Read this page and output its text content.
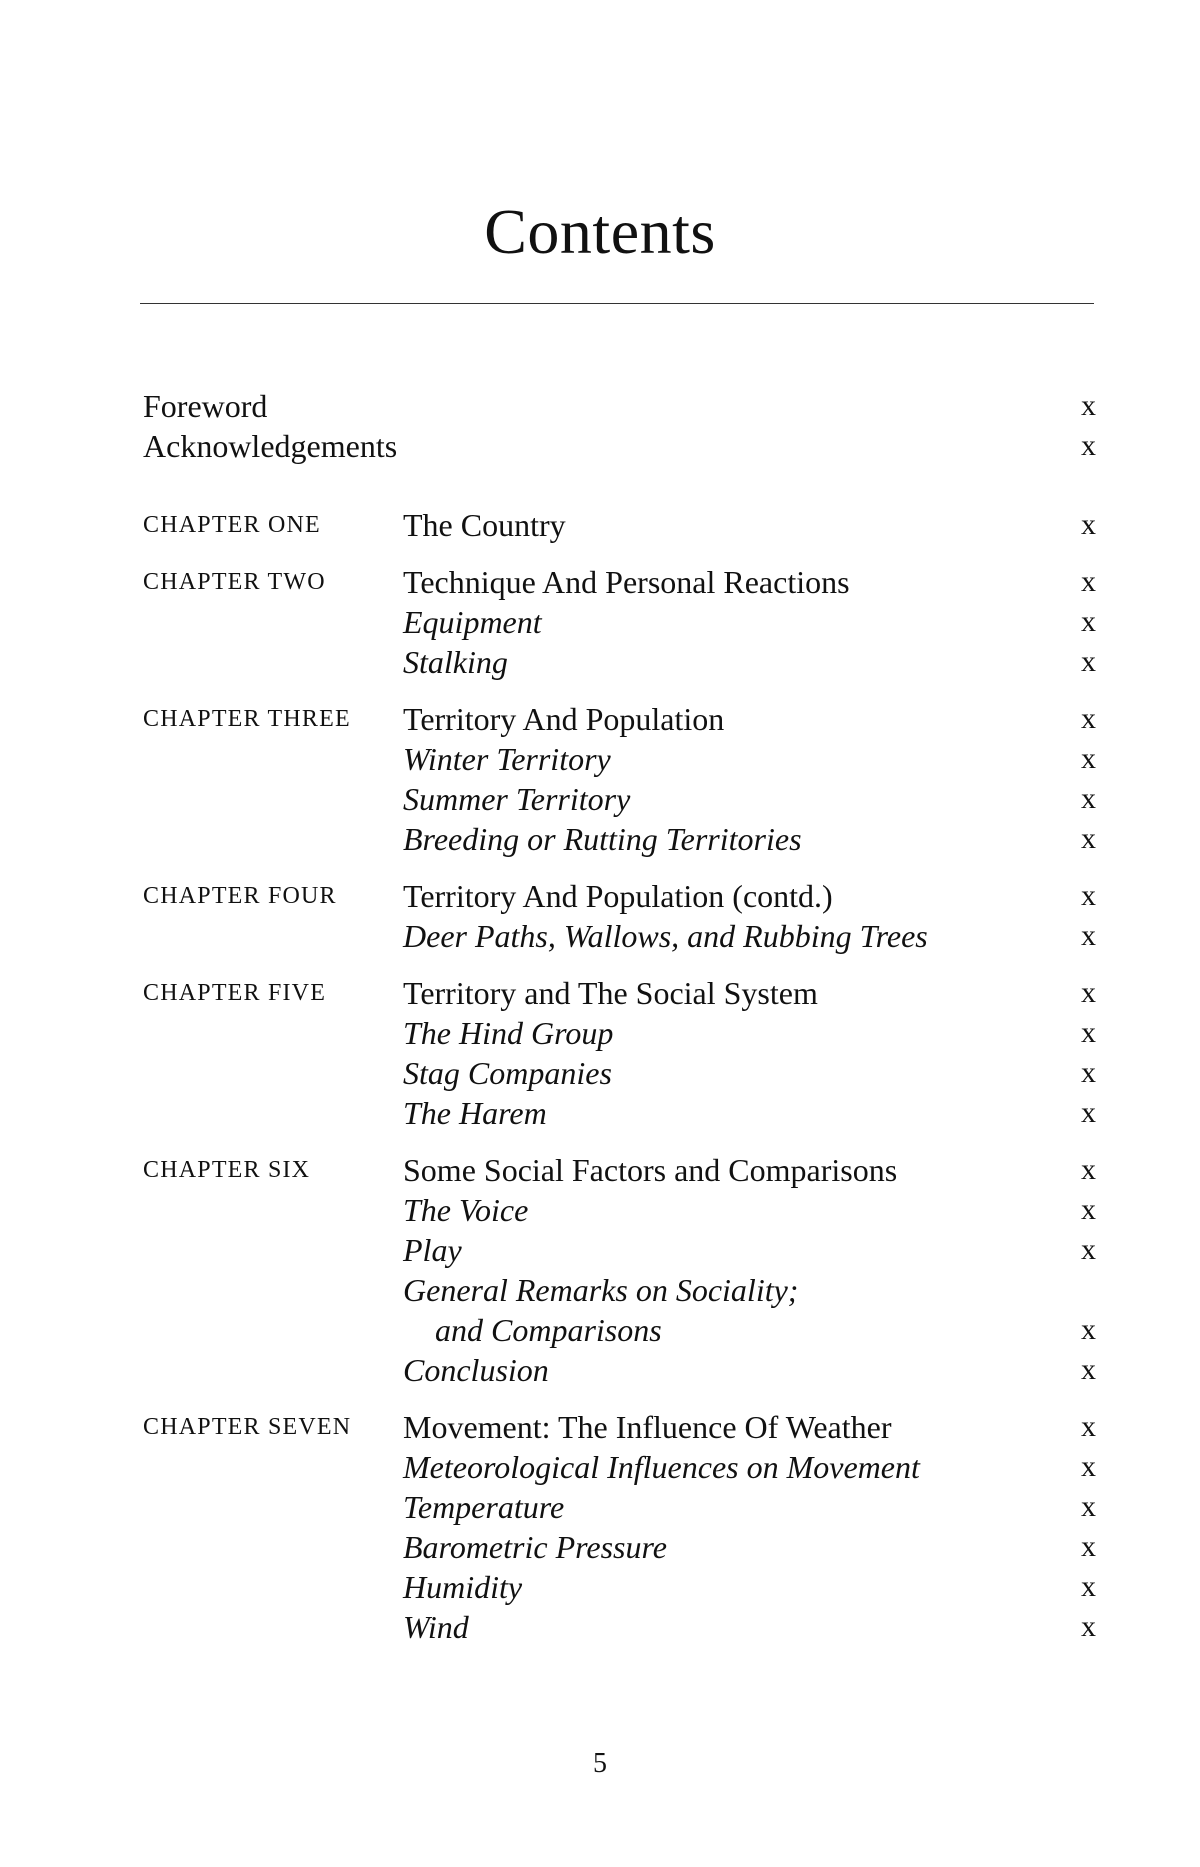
Contents
Foreword	x
Acknowledgements	x
CHAPTER ONE	The Country	x
CHAPTER TWO Technique And Personal Reactions	x
Equipment	x
Stalking	x
CHAPTER THREE Territory And Population	x
Winter Territory	x
Summer Territory	x
Breeding or Rutting Territories	x
CHAPTER FOUR Territory And Population (contd.)	x
Deer Paths, Wallows, and Rubbing Trees	x
CHAPTER FIVE Territory and The Social System	x
The Hind Group	x
Stag Companies	x
The Harem	x
CHAPTER SIX	Some Social Factors and Comparisons	x
The Voice	x
Play	x
General Remarks on Sociality;
and Comparisons	x
Conclusion	x
CHAPTER SEVEN Movement: The Influence Of Weather	x
Meteorological Influences on Movement	x
Temperature	x
Barometric Pressure	x
Humidity	x
Wind	x
5
